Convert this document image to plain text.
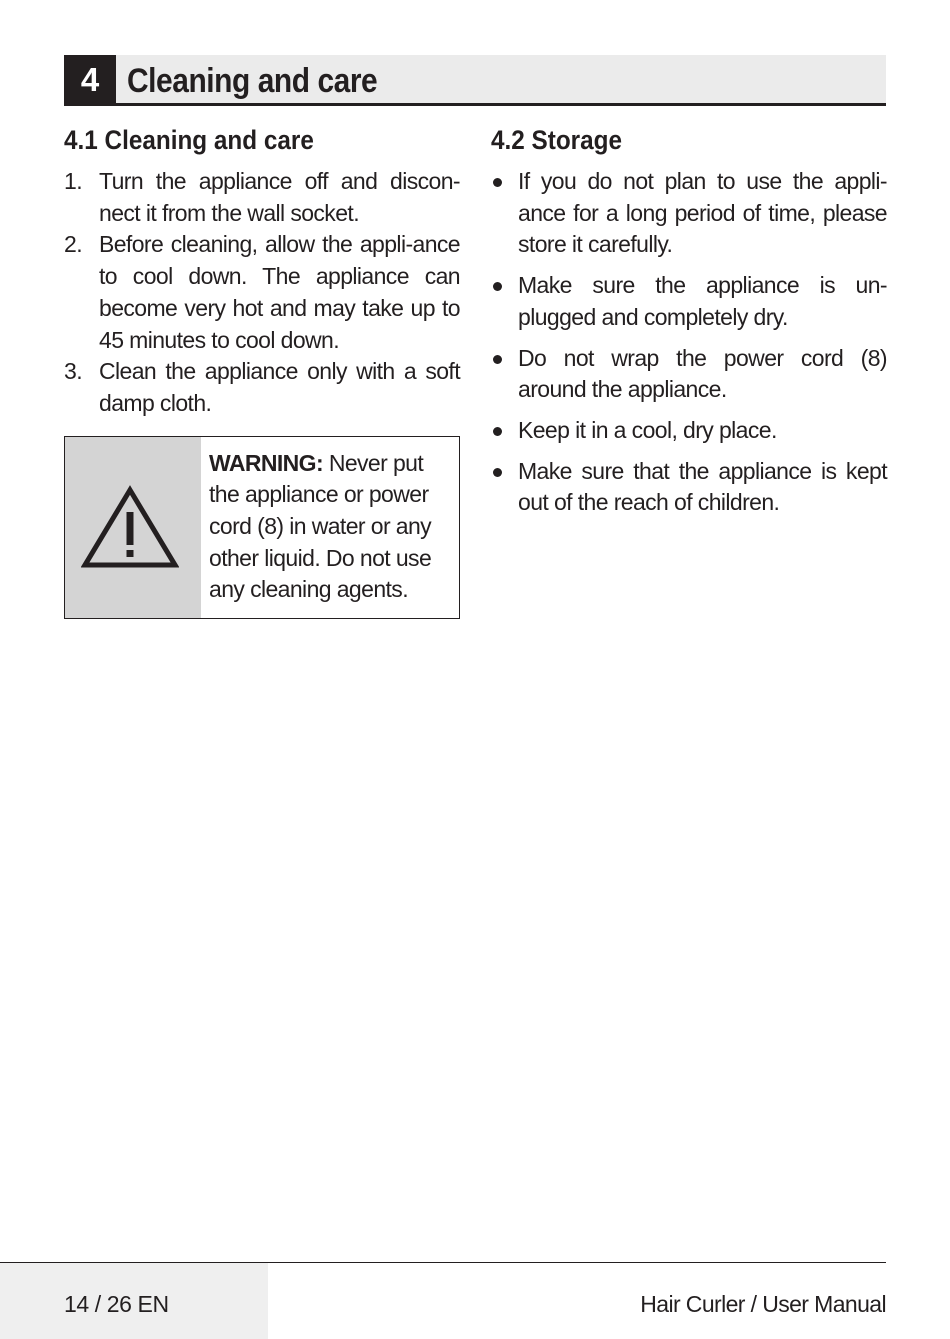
4 Cleaning and care
4.1 Cleaning and care
1. Turn the appliance off and discon-nect it from the wall socket.
2. Before cleaning, allow the appli-ance to cool down. The appliance can become very hot and may take up to 45 minutes to cool down.
3. Clean the appliance only with a soft damp cloth.
WARNING: Never put the appliance or power cord (8) in water or any other liquid. Do not use any cleaning agents.
4.2 Storage
If you do not plan to use the appli-ance for a long period of time, please store it carefully.
Make sure the appliance is un-plugged and completely dry.
Do not wrap the power cord (8) around the appliance.
Keep it in a cool, dry place.
Make sure that the appliance is kept out of the reach of children.
14 / 26 EN	Hair Curler / User Manual
